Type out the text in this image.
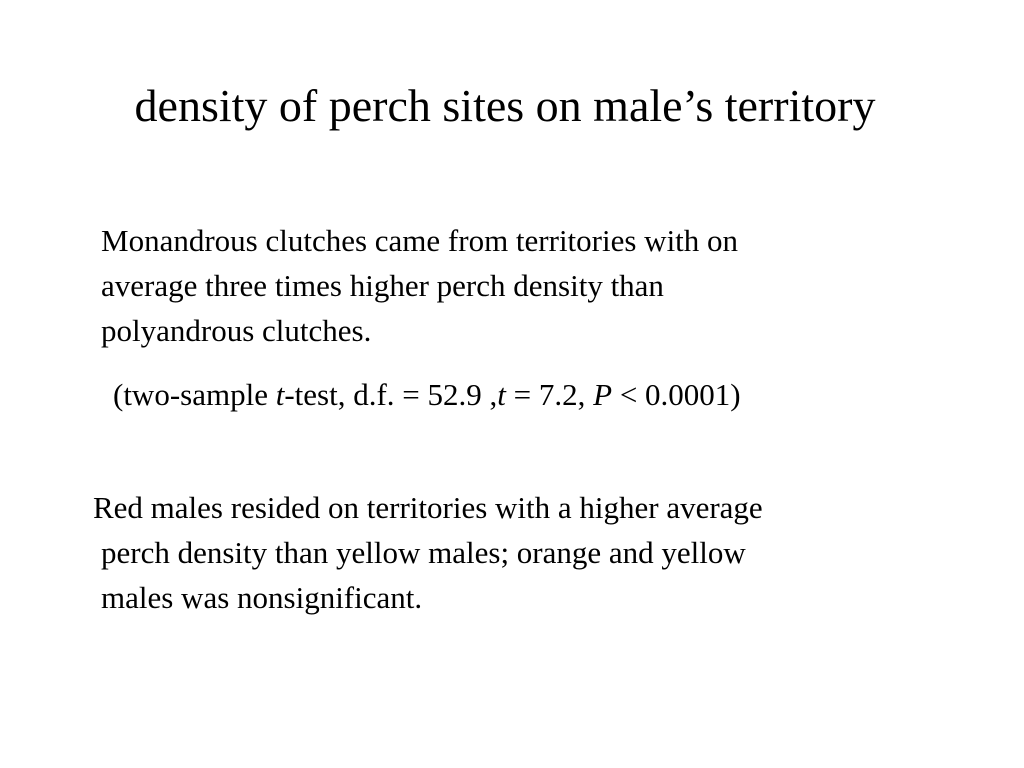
density of perch sites on male’s territory
Monandrous clutches came from territories with on
average three times higher perch density than
polyandrous clutches.
(two-sample t-test, d.f. = 52.9 ,t = 7.2, P < 0.0001)
Red males resided on territories with a higher average
perch density than yellow males; orange and yellow
males was nonsignificant.
